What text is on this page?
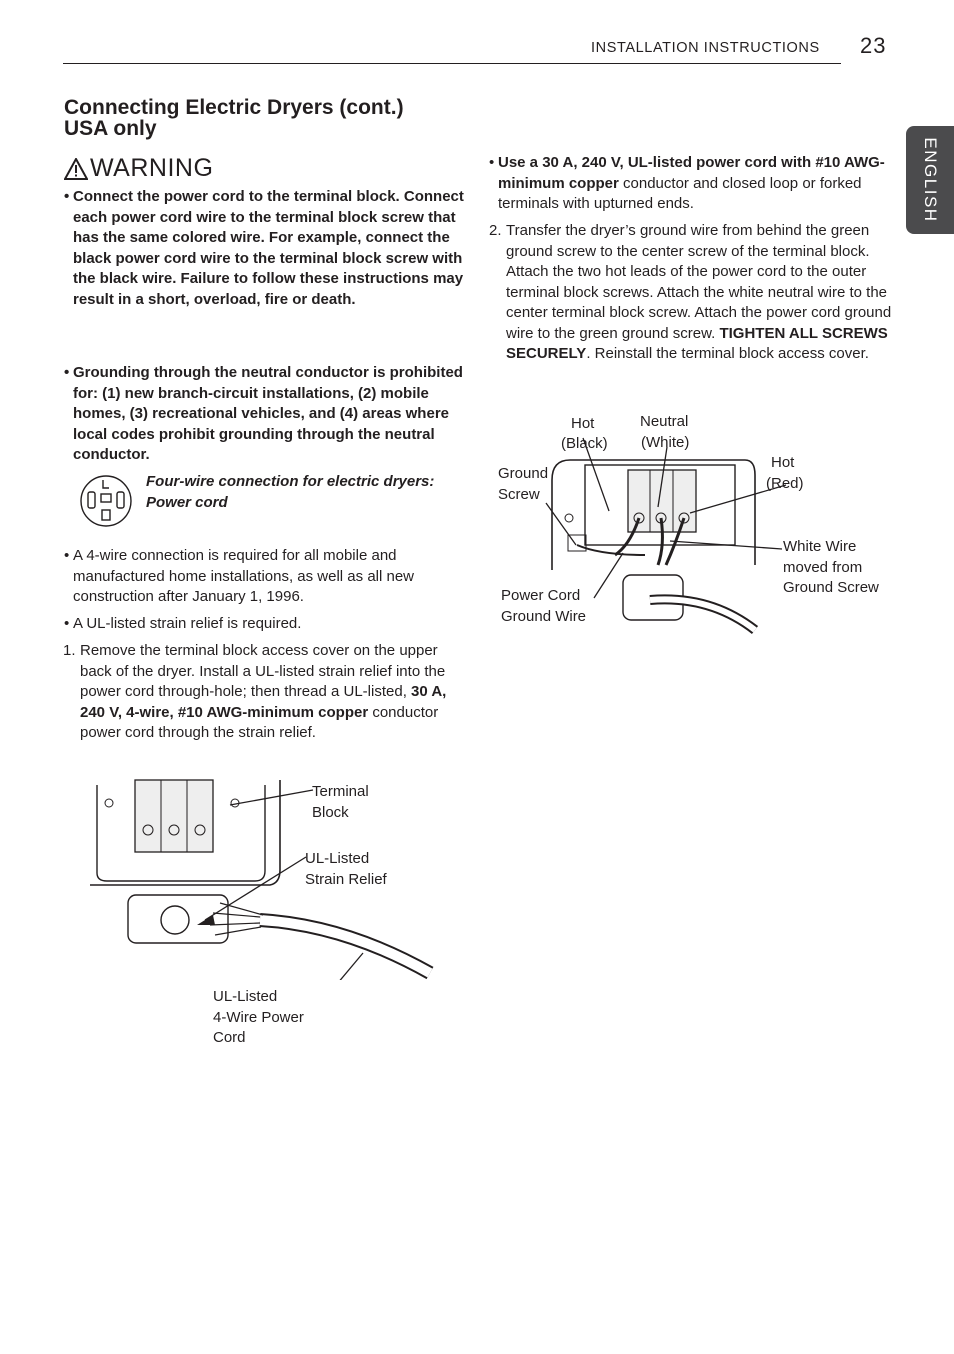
INSTALLATION INSTRUCTIONS 23
ENGLISH
Connecting Electric Dryers (cont.)
USA only
WARNING
• Connect the power cord to the terminal block. Connect each power cord wire to the terminal block screw that has the same colored wire. For example, connect the black power cord wire to the terminal block screw with the black wire. Failure to follow these instructions may result in a short, overload, fire or death.
• Grounding through the neutral conductor is prohibited for: (1) new branch-circuit installations, (2) mobile homes, (3) recreational vehicles, and (4) areas where local codes prohibit grounding through the neutral conductor.
Four-wire connection for electric dryers: Power cord
• A 4-wire connection is required for all mobile and manufactured home installations, as well as all new construction after January 1, 1996.
• A UL-listed strain relief is required.
1. Remove the terminal block access cover on the upper back of the dryer. Install a UL-listed strain relief into the power cord through-hole; then thread a UL-listed, 30 A, 240 V, 4-wire, #10 AWG-minimum copper conductor power cord through the strain relief.
• Use a 30 A, 240 V, UL-listed power cord with #10 AWG-minimum copper conductor and closed loop or forked terminals with upturned ends.
2. Transfer the dryer’s ground wire from behind the green ground screw to the center screw of the terminal block. Attach the two hot leads of the power cord to the outer terminal block screws. Attach the white neutral wire to the center terminal block screw. Attach the power cord ground wire to the green ground screw. TIGHTEN ALL SCREWS SECURELY. Reinstall the terminal block access cover.
Hot
(Black)
Neutral
(White)
Ground
Screw
Hot
(Red)
White Wire
moved from
Ground Screw
Power Cord
Ground Wire
Terminal
Block
UL-Listed
Strain Relief
UL-Listed
4-Wire Power
Cord
